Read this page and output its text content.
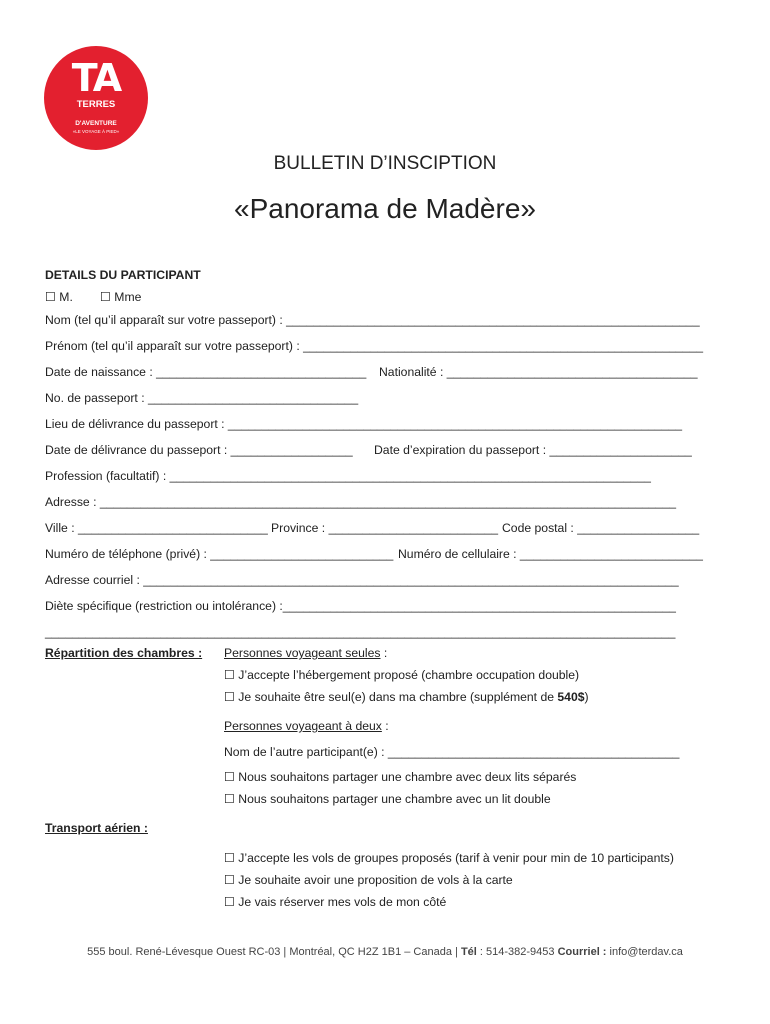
TA
TERRES
D'AVENTURE
«LE VOYAGE À PIED»
BULLETIN D’INSCIPTION
«Panorama de Madère»
DETAILS DU PARTICIPANT
☐ M. ☐ Mme
Nom (tel qu’il apparaît sur votre passeport) : _____________________________________________________________
Prénom (tel qu’il apparaît sur votre passeport) : ___________________________________________________________
Date de naissance : _______________________________ Nationalité : _____________________________________
No. de passeport : _______________________________
Lieu de délivrance du passeport : ___________________________________________________________________
Date de délivrance du passeport : __________________ Date d’expiration du passeport : _____________________
Profession (facultatif) : _______________________________________________________________________
Adresse : _____________________________________________________________________________________
Ville : ____________________________ Province : _________________________ Code postal : __________________
Numéro de téléphone (privé) : ___________________________ Numéro de cellulaire : ___________________________
Adresse courriel : _______________________________________________________________________________
Diète spécifique (restriction ou intolérance) :__________________________________________________________
_____________________________________________________________________________________________
Répartition des chambres : Personnes voyageant seules :
☐ J’accepte l’hébergement proposé (chambre occupation double)
☐ Je souhaite être seul(e) dans ma chambre (supplément de 540$)
Personnes voyageant à deux :
Nom de l’autre participant(e) : ___________________________________________
☐ Nous souhaitons partager une chambre avec deux lits séparés
☐ Nous souhaitons partager une chambre avec un lit double
Transport aérien :
☐ J’accepte les vols de groupes proposés (tarif à venir pour min de 10 participants)
☐ Je souhaite avoir une proposition de vols à la carte
☐ Je vais réserver mes vols de mon côté
555 boul. René-Lévesque Ouest RC-03 | Montréal, QC H2Z 1B1 – Canada | Tél : 514-382-9453 Courriel : info@terdav.ca
